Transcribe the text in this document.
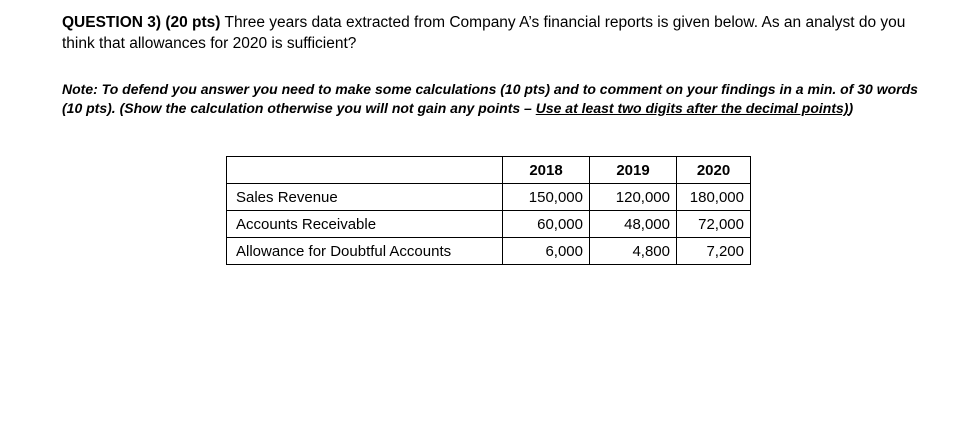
QUESTION 3) (20 pts) Three years data extracted from Company A’s financial reports is given below. As an analyst do you think that allowances for 2020 is sufficient?
Note: To defend you answer you need to make some calculations (10 pts) and to comment on your findings in a min. of 30 words (10 pts). (Show the calculation otherwise you will not gain any points – Use at least two digits after the decimal points))
	2018	2019	2020
Sales Revenue	150,000	120,000	180,000
Accounts Receivable	60,000	48,000	72,000
Allowance for Doubtful Accounts	6,000	4,800	7,200
